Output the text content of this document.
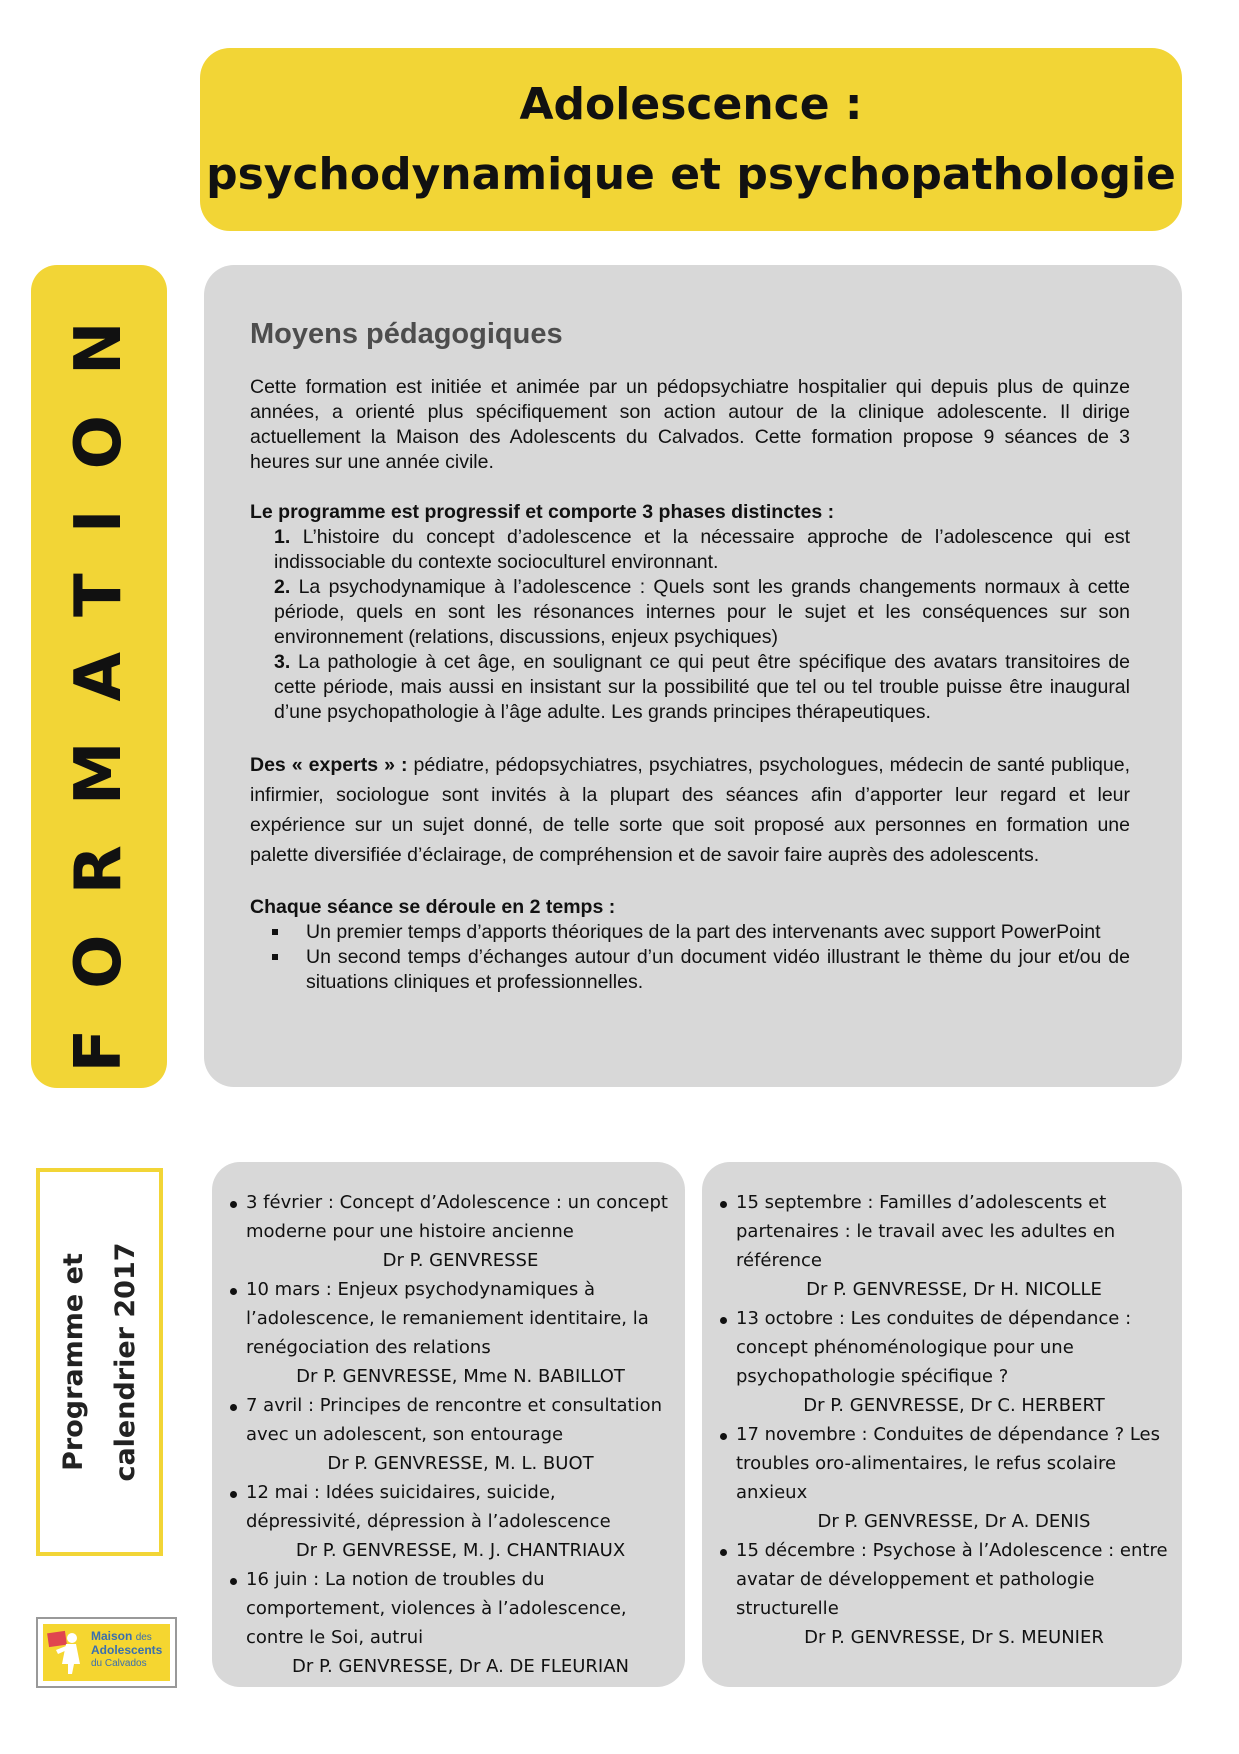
Adolescence :
psychodynamique et psychopathologie
FORMATION	Moyens pédagogiques

Cette formation est initiée et animée par un pédopsychiatre hospitalier qui depuis plus de quinze années, a orienté plus spécifiquement son action autour de la clinique adolescente. Il dirige actuellement la Maison des Adolescents du Calvados. Cette formation propose 9 séances de 3 heures sur une année civile.

Le programme est progressif et comporte 3 phases distinctes :

1. L’histoire du concept d’adolescence et la nécessaire approche de l’adolescence qui est indissociable du contexte socioculturel environnant.
2. La psychodynamique à l’adolescence : Quels sont les grands changements normaux à cette période, quels en sont les résonances internes pour le sujet et les conséquences sur son environnement (relations, discussions, enjeux psychiques)
3. La pathologie à cet âge, en soulignant ce qui peut être spécifique des avatars transitoires de cette période, mais aussi en insistant sur la possibilité que tel ou tel trouble puisse être inaugural d’une psychopathologie à l’âge adulte. Les grands principes thérapeutiques.

Des « experts » : pédiatre, pédopsychiatres, psychiatres, psychologues, médecin de santé publique, infirmier, sociologue sont invités à la plupart des séances afin d’apporter leur regard et leur expérience sur un sujet donné, de telle sorte que soit proposé aux personnes en formation une palette diversifiée d’éclairage, de compréhension et de savoir faire auprès des adolescents.

Chaque séance se déroule en 2 temps :

Un premier temps d’apports théoriques de la part des intervenants avec support PowerPoint
Un second temps d’échanges autour d’un document vidéo illustrant le thème du jour et/ou de situations cliniques et professionnelles.
Programme et calendrier 2017
Maison des
Adolescents
du Calvados
3 février : Concept d’Adolescence : un concept moderne pour une histoire ancienne
Dr P. GENVRESSE
10 mars : Enjeux psychodynamiques à l’adolescence, le remaniement identitaire, la renégociation des relations
Dr P. GENVRESSE, Mme N. BABILLOT
7 avril : Principes de rencontre et consultation avec un adolescent, son entourage
Dr P. GENVRESSE, M. L. BUOT
12 mai : Idées suicidaires, suicide, dépressivité, dépression à l’adolescence
Dr P. GENVRESSE, M. J. CHANTRIAUX
16 juin : La notion de troubles du comportement, violences à l’adolescence, contre le Soi, autrui
Dr P. GENVRESSE, Dr A. DE FLEURIAN
15 septembre : Familles d’adolescents et partenaires : le travail avec les adultes en référence
Dr P. GENVRESSE, Dr H. NICOLLE
13 octobre : Les conduites de dépendance : concept phénoménologique pour une psychopathologie spécifique ?
Dr P. GENVRESSE, Dr C. HERBERT
17 novembre : Conduites de dépendance ? Les troubles oro-alimentaires, le refus scolaire anxieux
Dr P. GENVRESSE, Dr A. DENIS
15 décembre : Psychose à l’Adolescence : entre avatar de développement et pathologie structurelle
Dr P. GENVRESSE, Dr S. MEUNIER
